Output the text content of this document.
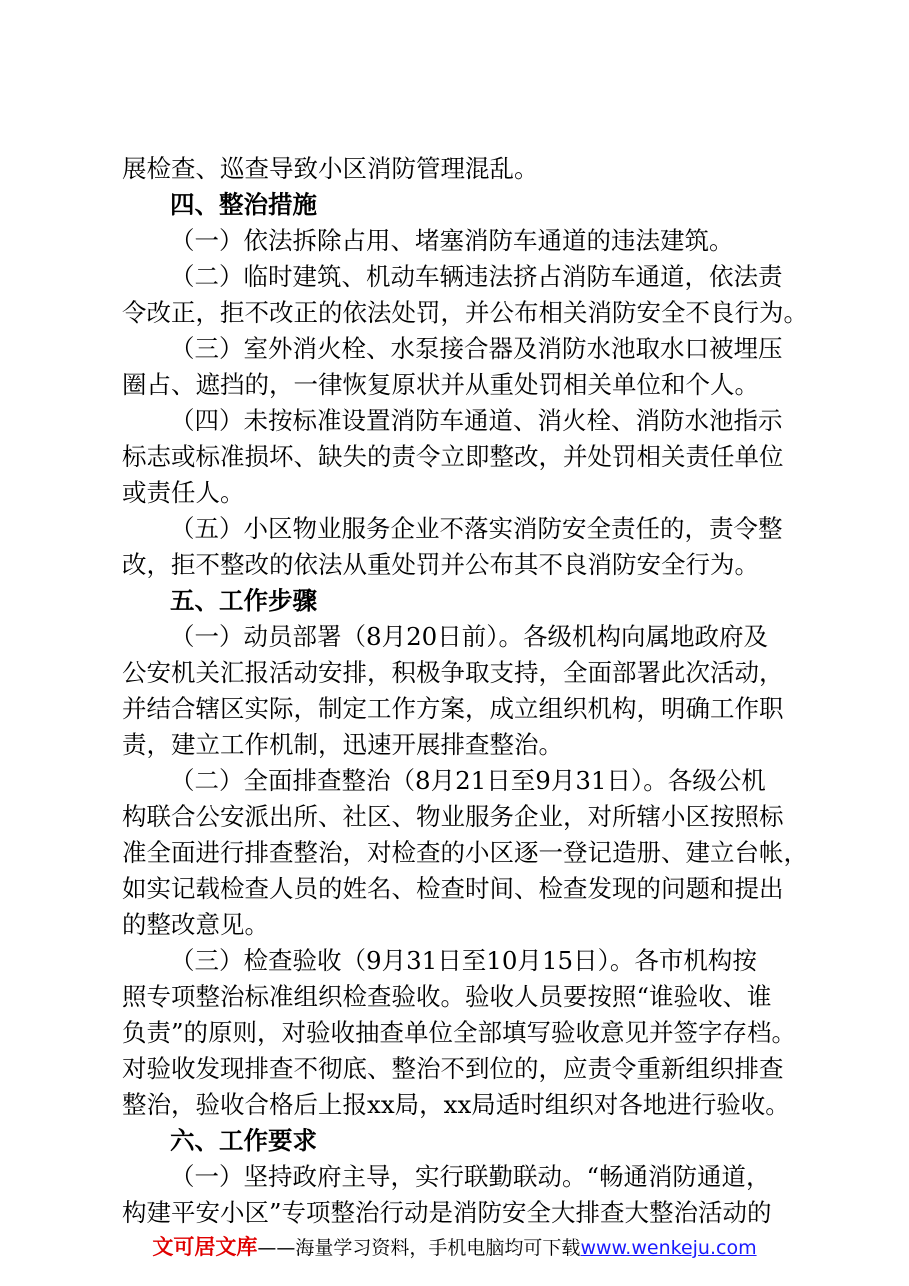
展检查、巡查导致小区消防管理混乱。
四、整治措施
（一）依法拆除占用、堵塞消防车通道的违法建筑。
（二）临时建筑、机动车辆违法挤占消防车通道，依法责
令改正，拒不改正的依法处罚，并公布相关消防安全不良行为。
（三）室外消火栓、水泵接合器及消防水池取水口被埋压
圈占、遮挡的，一律恢复原状并从重处罚相关单位和个人。
（四）未按标准设置消防车通道、消火栓、消防水池指示
标志或标准损坏、缺失的责令立即整改，并处罚相关责任单位
或责任人。
（五）小区物业服务企业不落实消防安全责任的，责令整
改，拒不整改的依法从重处罚并公布其不良消防安全行为。
五、工作步骤
（一）动员部署（8月20日前）。各级机构向属地政府及
公安机关汇报活动安排，积极争取支持，全面部署此次活动，
并结合辖区实际，制定工作方案，成立组织机构，明确工作职
责，建立工作机制，迅速开展排查整治。
（二）全面排查整治（8月21日至9月31日）。各级公机
构联合公安派出所、社区、物业服务企业，对所辖小区按照标
准全面进行排查整治，对检查的小区逐一登记造册、建立台帐，
如实记载检查人员的姓名、检查时间、检查发现的问题和提出
的整改意见。
（三）检查验收（9月31日至10月15日）。各市机构按
照专项整治标准组织检查验收。验收人员要按照“谁验收、谁
负责”的原则，对验收抽查单位全部填写验收意见并签字存档。
对验收发现排查不彻底、整治不到位的，应责令重新组织排查
整治，验收合格后上报xx局，xx局适时组织对各地进行验收。
六、工作要求
（一）坚持政府主导，实行联勤联动。“畅通消防通道，
构建平安小区”专项整治行动是消防安全大排查大整治活动的
文可居文库——海量学习资料，手机电脑均可下载www.wenkeju.com
